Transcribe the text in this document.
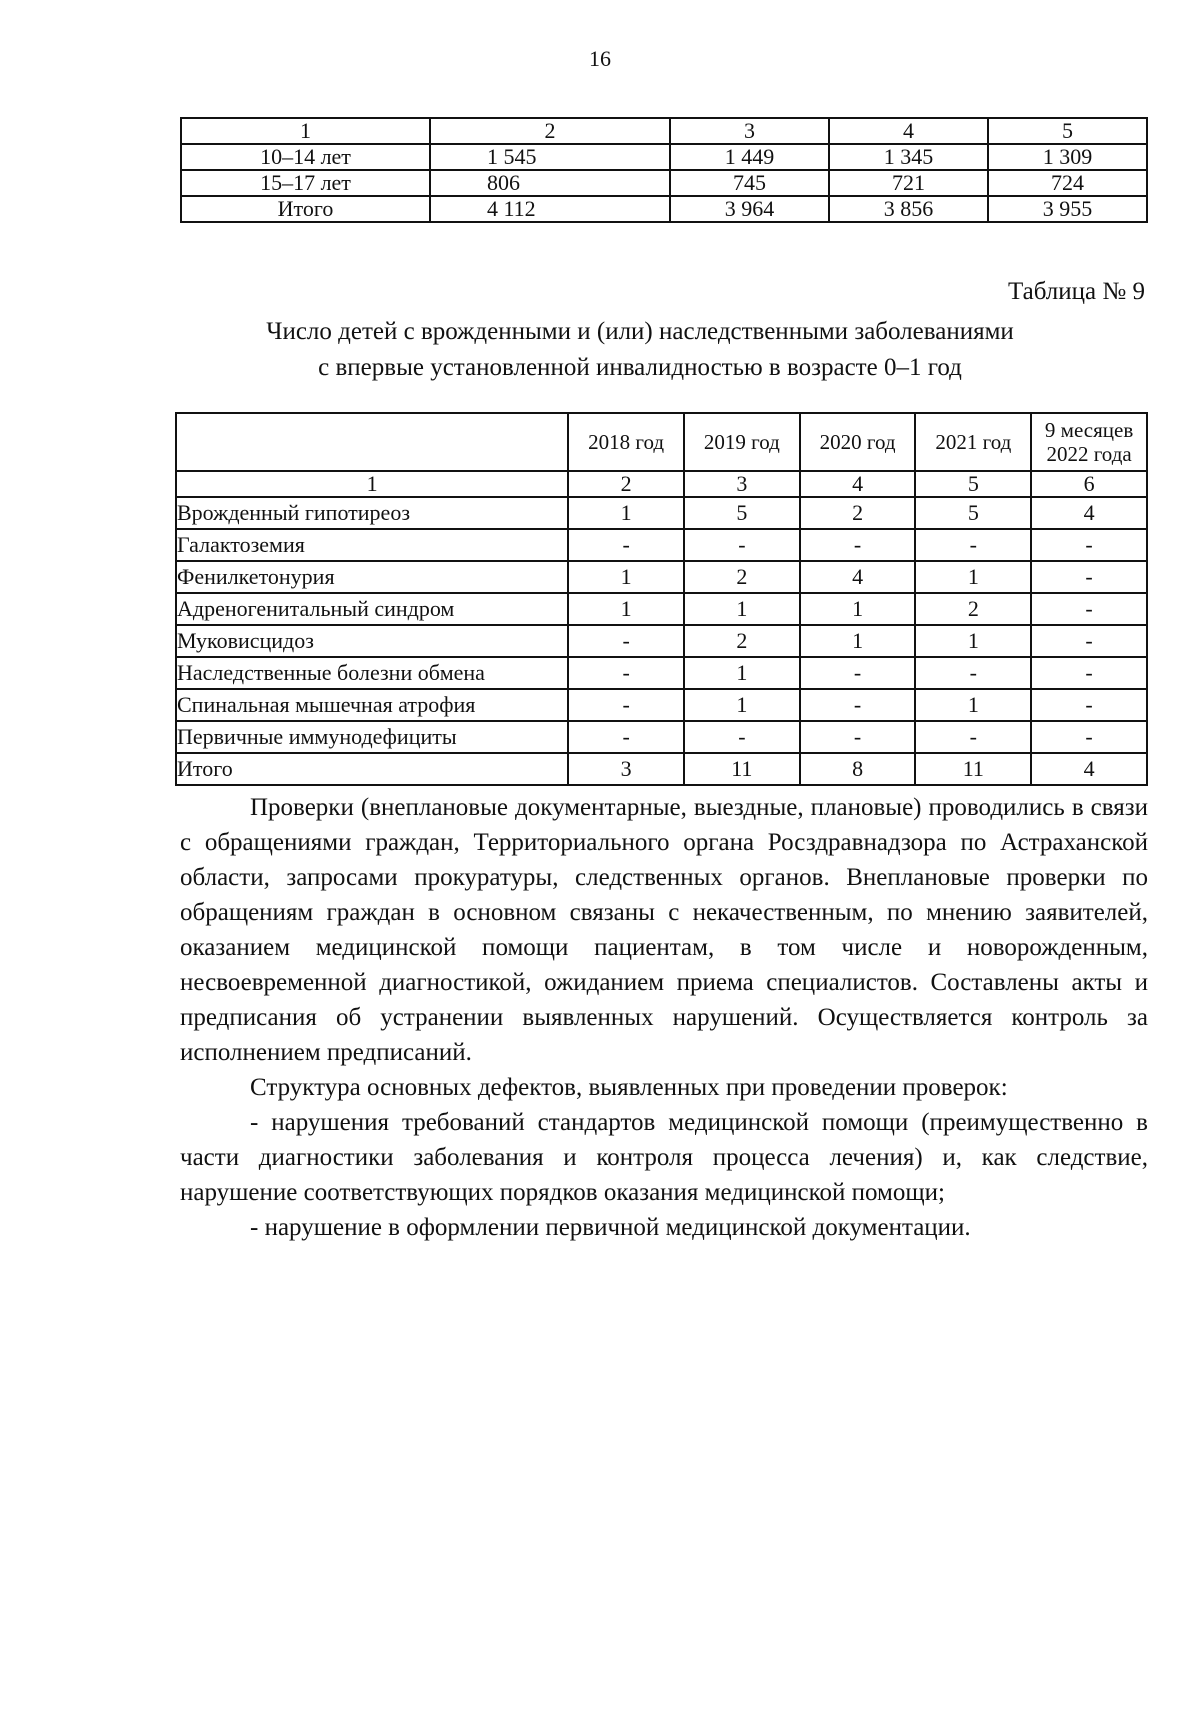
16
1	2	3	4	5
10–14 лет	1 545	1 449	1 345	1 309
15–17 лет	806	745	721	724
Итого	4 112	3 964	3 856	3 955
Таблица № 9
Число детей с врожденными и (или) наследственными заболеваниями
с впервые установленной инвалидностью в возрасте 0–1 год
	2018 год	2019 год	2020 год	2021 год	9 месяцев 2022 года
1	2	3	4	5	6
Врожденный гипотиреоз	1	5	2	5	4
Галактоземия	-	-	-	-	-
Фенилкетонурия	1	2	4	1	-
Адреногенитальный синдром	1	1	1	2	-
Муковисцидоз	-	2	1	1	-
Наследственные болезни обмена	-	1	-	-	-
Спинальная мышечная атрофия	-	1	-	1	-
Первичные иммунодефициты	-	-	-	-	-
Итого	3	11	8	11	4

Проверки (внеплановые документарные, выездные, плановые) проводились в связи с обращениями граждан, Территориального органа Росздравнадзора по Астраханской области, запросами прокуратуры, следственных органов. Внеплановые проверки по обращениям граждан в основном связаны с некачественным, по мнению заявителей, оказанием медицинской помощи пациентам, в том числе и новорожденным, несвоевременной диагностикой, ожиданием приема специалистов. Составлены акты и предписания об устранении выявленных нарушений. Осуществляется контроль за исполнением предписаний.

Структура основных дефектов, выявленных при проведении проверок:

- нарушения требований стандартов медицинской помощи (преимущественно в части диагностики заболевания и контроля процесса лечения) и, как следствие, нарушение соответствующих порядков оказания медицинской помощи;

- нарушение в оформлении первичной медицинской документации.
